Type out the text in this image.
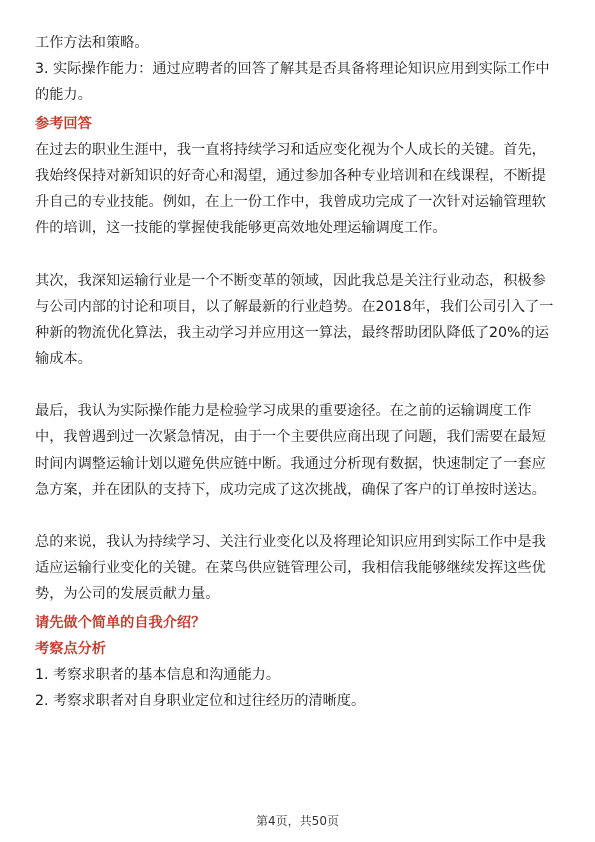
工作方法和策略。
3. 实际操作能力：通过应聘者的回答了解其是否具备将理论知识应用到实际工作中
的能力。
参考回答
在过去的职业生涯中，我一直将持续学习和适应变化视为个人成长的关键。首先，
我始终保持对新知识的好奇心和渴望，通过参加各种专业培训和在线课程，不断提
升自己的专业技能。例如，在上一份工作中，我曾成功完成了一次针对运输管理软
件的培训，这一技能的掌握使我能够更高效地处理运输调度工作。
其次，我深知运输行业是一个不断变革的领域，因此我总是关注行业动态，积极参
与公司内部的讨论和项目，以了解最新的行业趋势。在2018年，我们公司引入了一
种新的物流优化算法，我主动学习并应用这一算法，最终帮助团队降低了20%的运
输成本。
最后，我认为实际操作能力是检验学习成果的重要途径。在之前的运输调度工作
中，我曾遇到过一次紧急情况，由于一个主要供应商出现了问题，我们需要在最短
时间内调整运输计划以避免供应链中断。我通过分析现有数据，快速制定了一套应
急方案，并在团队的支持下，成功完成了这次挑战，确保了客户的订单按时送达。
总的来说，我认为持续学习、关注行业变化以及将理论知识应用到实际工作中是我
适应运输行业变化的关键。在菜鸟供应链管理公司，我相信我能够继续发挥这些优
势，为公司的发展贡献力量。
请先做个简单的自我介绍？
考察点分析
1. 考察求职者的基本信息和沟通能力。
2. 考察求职者对自身职业定位和过往经历的清晰度。
第4页，共50页
